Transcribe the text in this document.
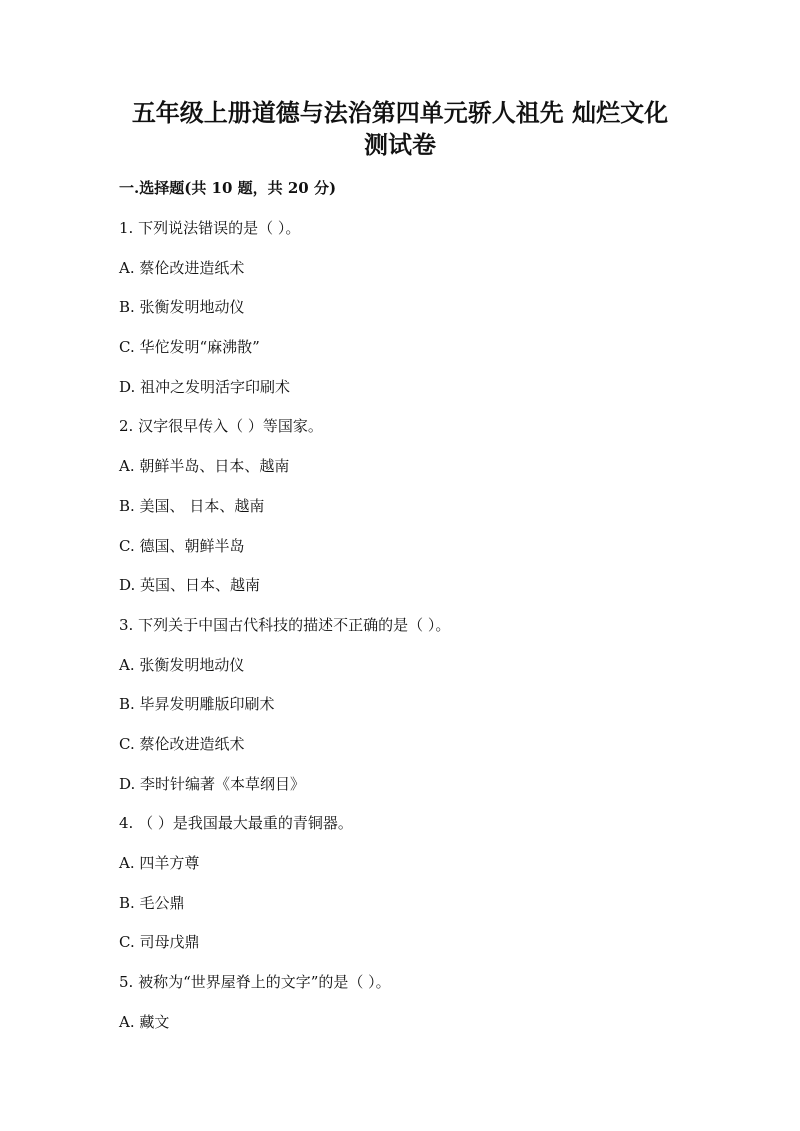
五年级上册道德与法治第四单元骄人祖先 灿烂文化
测试卷
一.选择题(共 10 题，共 20 分)
1. 下列说法错误的是（ ）。
A. 蔡伦改进造纸术
B. 张衡发明地动仪
C. 华佗发明“麻沸散”
D. 祖冲之发明活字印刷术
2. 汉字很早传入（ ）等国家。
A. 朝鲜半岛、日本、越南
B. 美国、 日本、越南
C. 德国、朝鲜半岛
D. 英国、日本、越南
3. 下列关于中国古代科技的描述不正确的是（ ）。
A. 张衡发明地动仪
B. 毕昇发明雕版印刷术
C. 蔡伦改进造纸术
D. 李时针编著《本草纲目》
4. （ ）是我国最大最重的青铜器。
A. 四羊方尊
B. 毛公鼎
C. 司母戊鼎
5. 被称为“世界屋脊上的文字”的是（ ）。
A. 藏文
